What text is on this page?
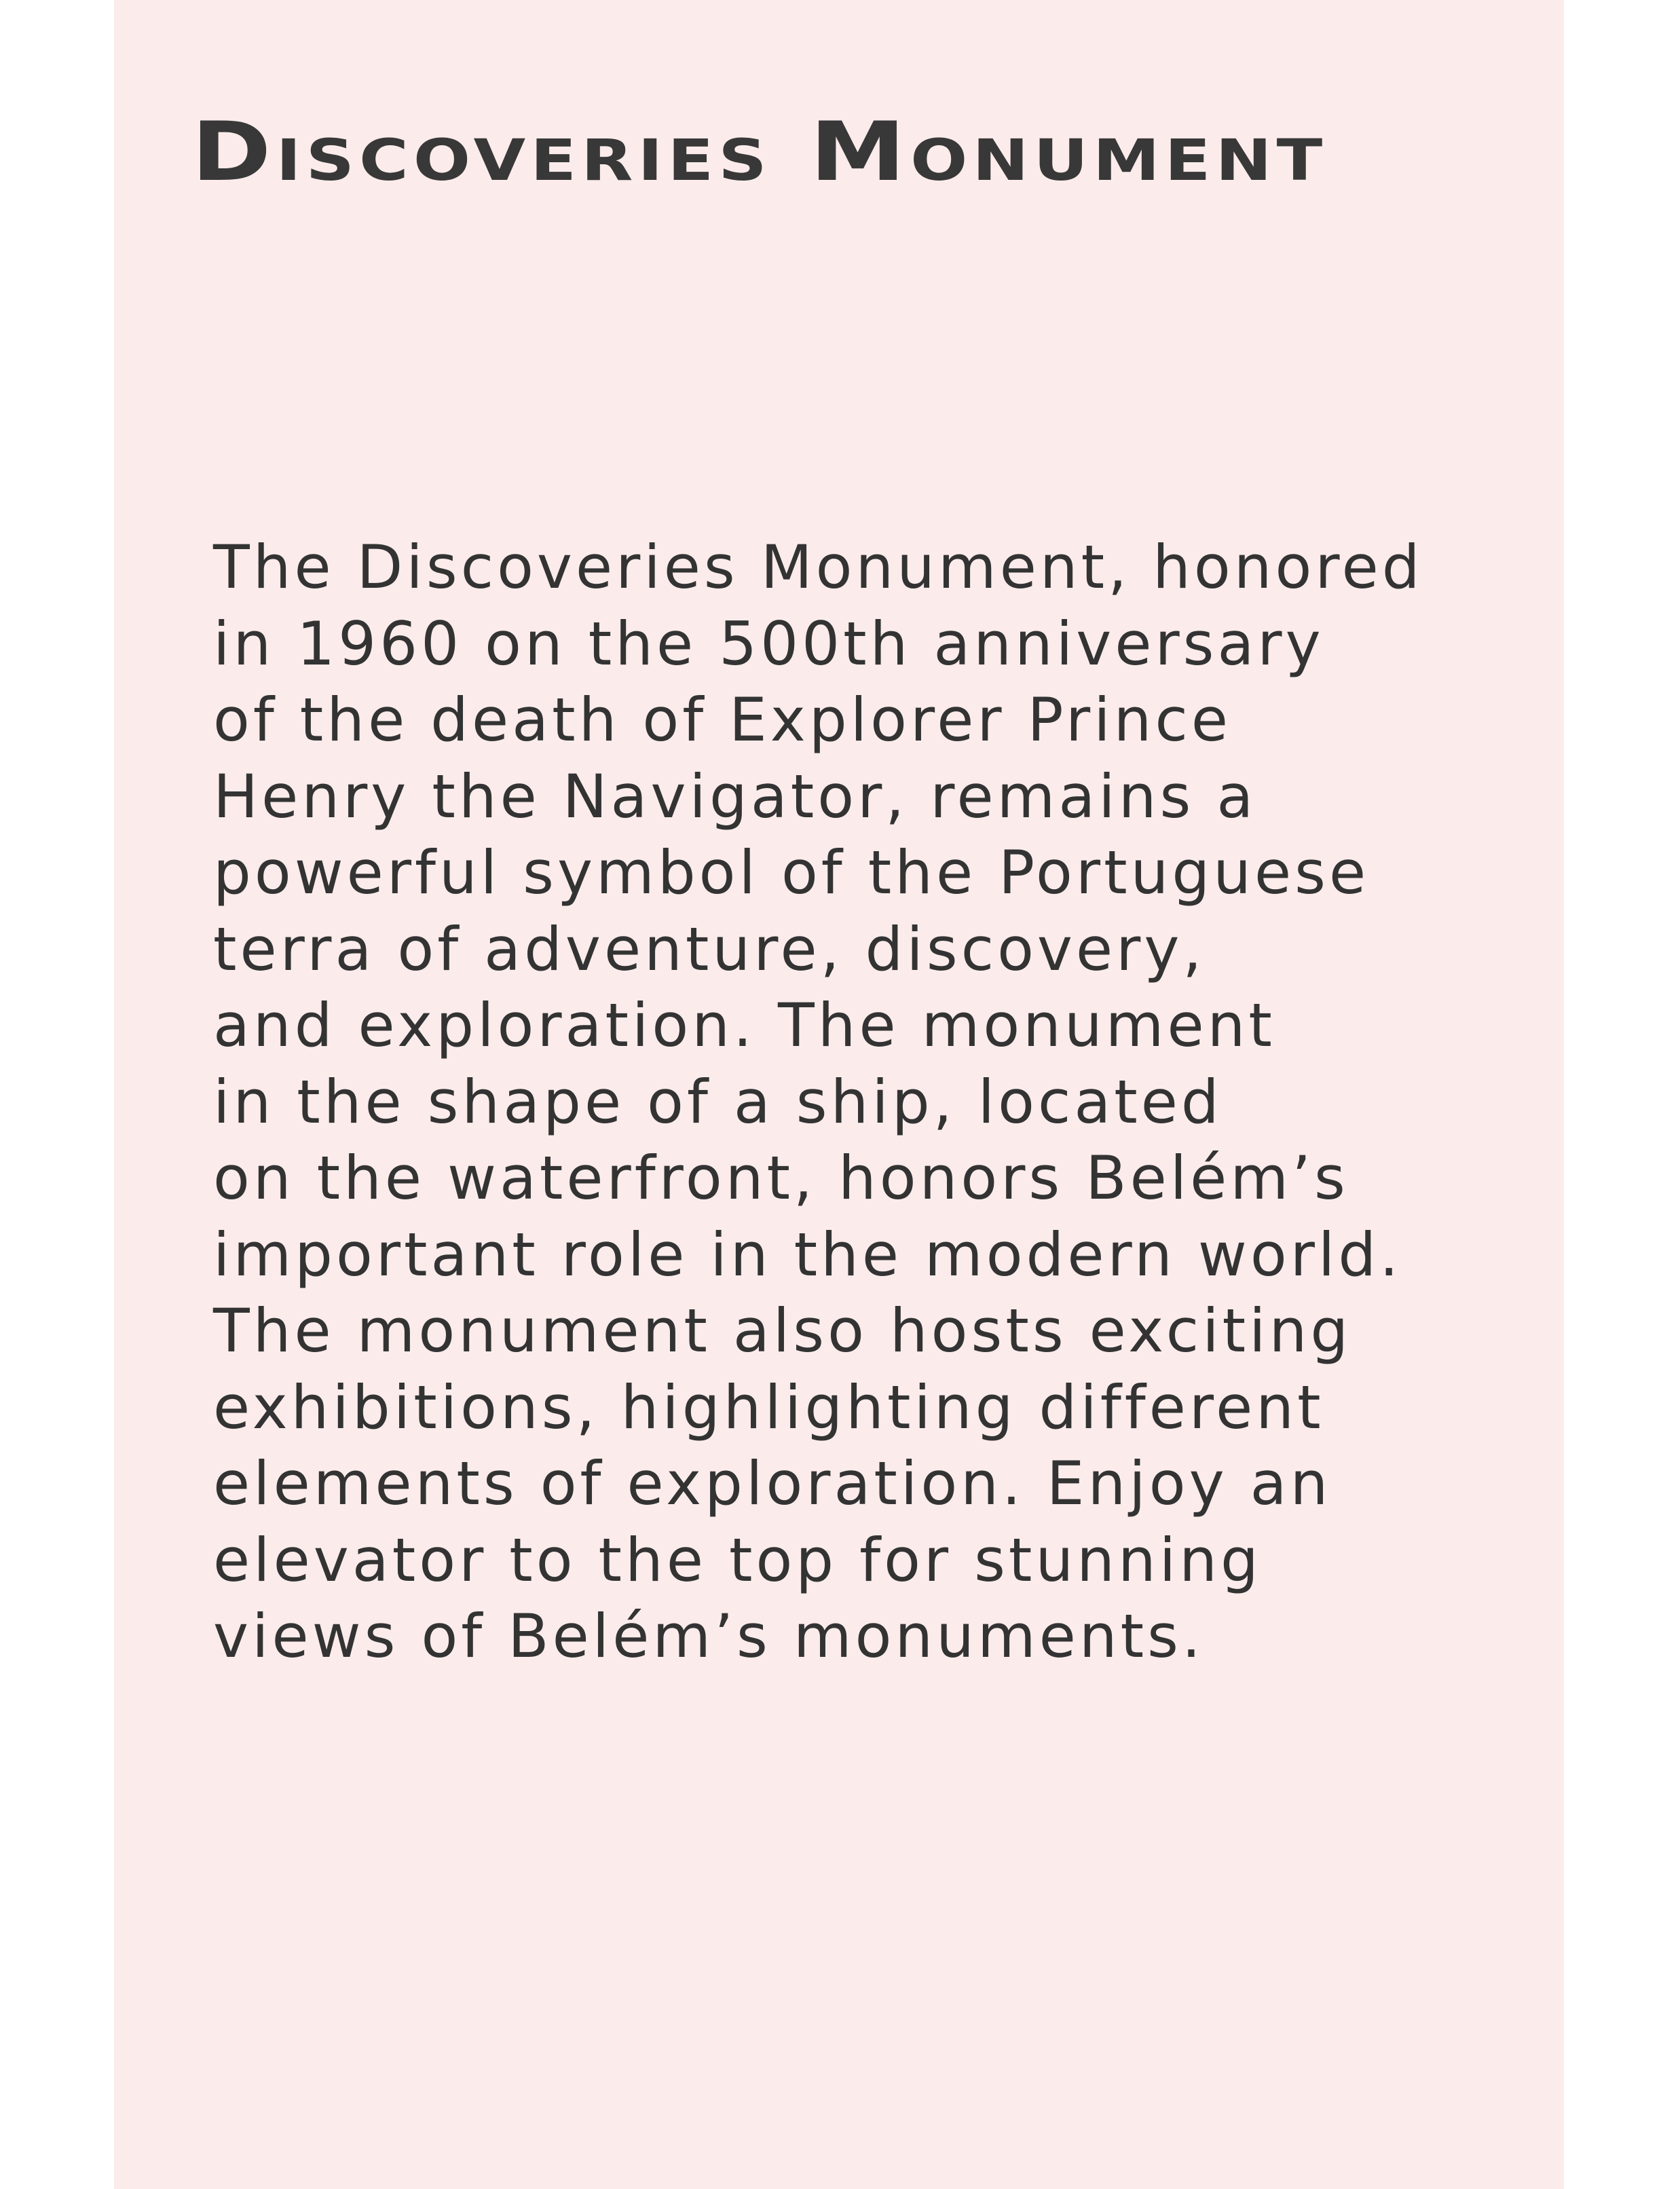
Discoveries Monument
The Discoveries Monument, honored
in 1960 on the 500th anniversary
of the death of Explorer Prince
Henry the Navigator, remains a
powerful symbol of the Portuguese
terra of adventure, discovery,
and exploration. The monument
in the shape of a ship, located
on the waterfront, honors Belém’s
important role in the modern world.
The monument also hosts exciting
exhibitions, highlighting different
elements of exploration. Enjoy an
elevator to the top for stunning
views of Belém’s monuments.
